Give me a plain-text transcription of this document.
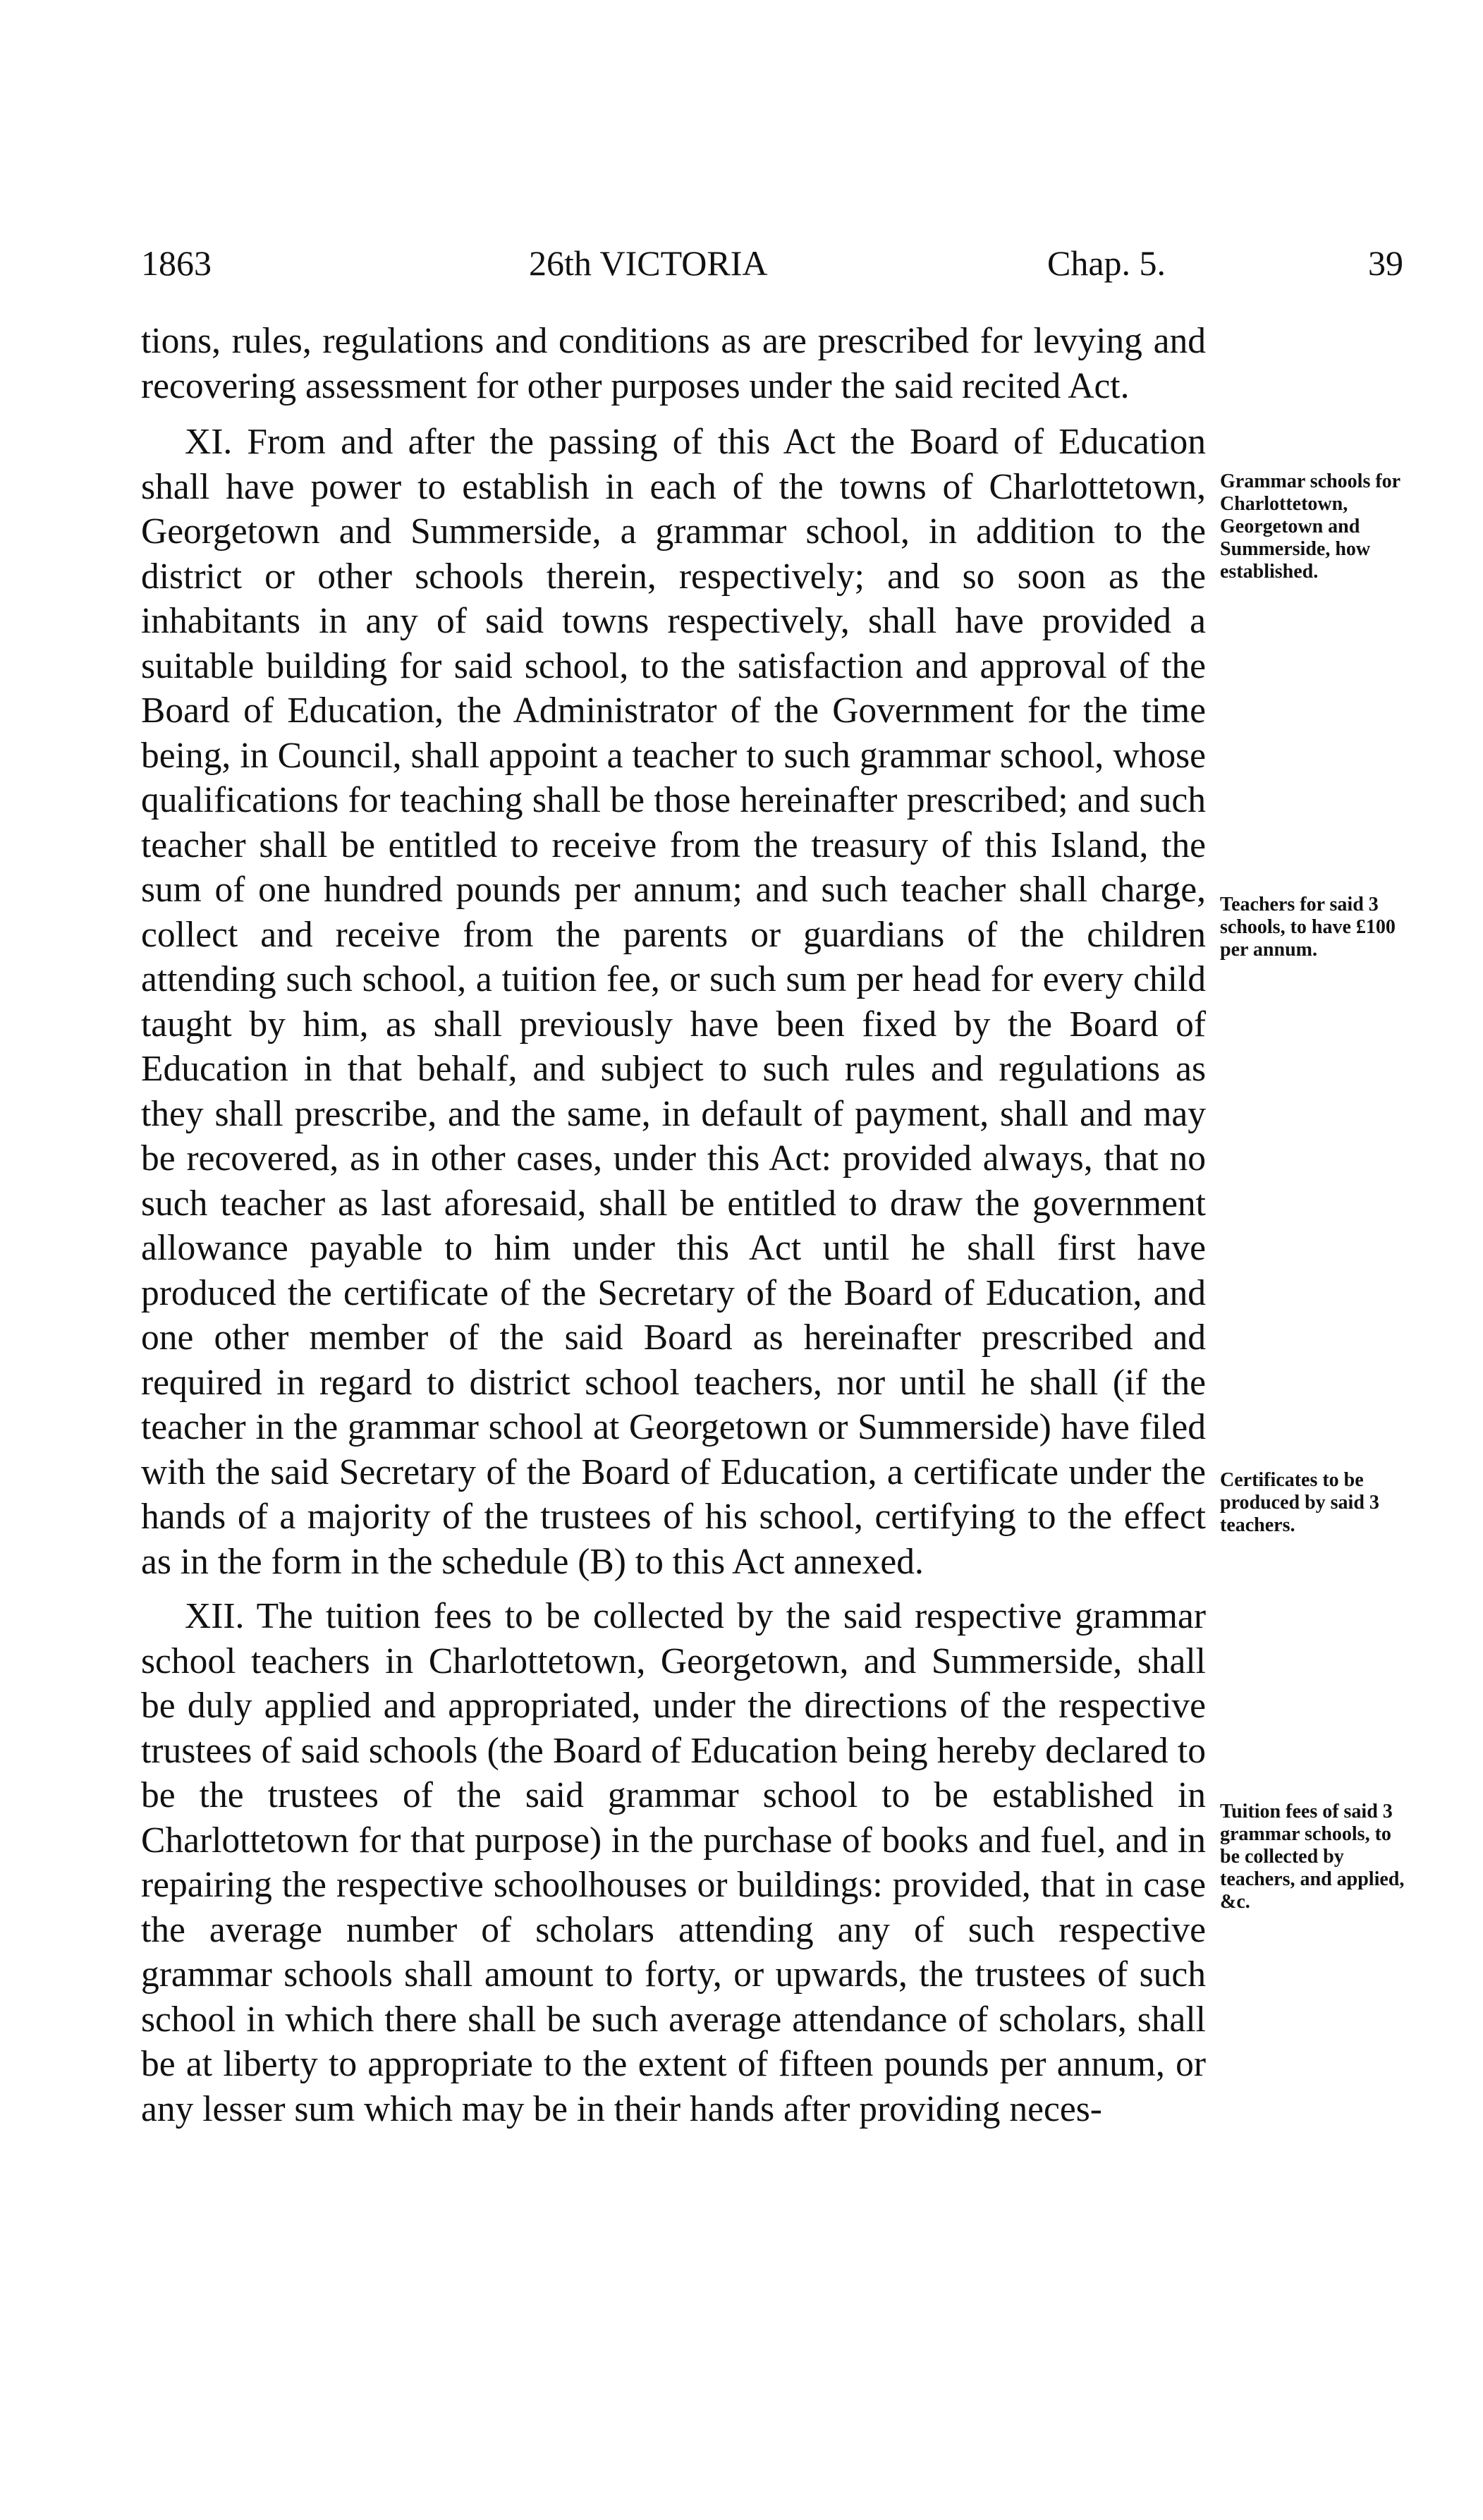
1863	26th VICTORIA	Chap. 5.	39

tions, rules, regulations and conditions as are prescribed for levying and recovering assessment for other purposes under the said recited Act.

XI. From and after the passing of this Act the Board of Education shall have power to establish in each of the towns of Charlottetown, Georgetown and Summerside, a grammar school, in addition to the district or other schools therein, respectively; and so soon as the inhabitants in any of said towns respectively, shall have provided a suitable building for said school, to the satisfaction and approval of the Board of Education, the Administrator of the Government for the time being, in Council, shall appoint a teacher to such grammar school, whose qualifications for teaching shall be those hereinafter prescribed; and such teacher shall be entitled to receive from the treasury of this Island, the sum of one hundred pounds per annum; and such teacher shall charge, collect and receive from the parents or guardians of the children attending such school, a tuition fee, or such sum per head for every child taught by him, as shall previously have been fixed by the Board of Education in that behalf, and subject to such rules and regulations as they shall prescribe, and the same, in default of payment, shall and may be recovered, as in other cases, under this Act: provided always, that no such teacher as last aforesaid, shall be entitled to draw the government allowance payable to him under this Act until he shall first have produced the certificate of the Secretary of the Board of Education, and one other member of the said Board as hereinafter prescribed and required in regard to district school teachers, nor until he shall (if the teacher in the grammar school at Georgetown or Summerside) have filed with the said Secretary of the Board of Education, a certificate under the hands of a majority of the trustees of his school, certifying to the effect as in the form in the schedule (B) to this Act annexed.

XII. The tuition fees to be collected by the said respective grammar school teachers in Charlottetown, Georgetown, and Summerside, shall be duly applied and appropriated, under the directions of the respective trustees of said schools (the Board of Education being hereby declared to be the trustees of the said grammar school to be established in Charlottetown for that purpose) in the purchase of books and fuel, and in repairing the respective schoolhouses or buildings: provided, that in case the average number of scholars attending any of such respective grammar schools shall amount to forty, or upwards, the trustees of such school in which there shall be such average attendance of scholars, shall be at liberty to appropriate to the extent of fifteen pounds per annum, or any lesser sum which may be in their hands after providing neces-

Grammar schools for Charlottetown, Georgetown and Summerside, how established.
Teachers for said 3 schools, to have £100 per annum.
Certificates to be produced by said 3 teachers.
Tuition fees of said 3 grammar schools, to be collected by teachers, and applied, &c.
